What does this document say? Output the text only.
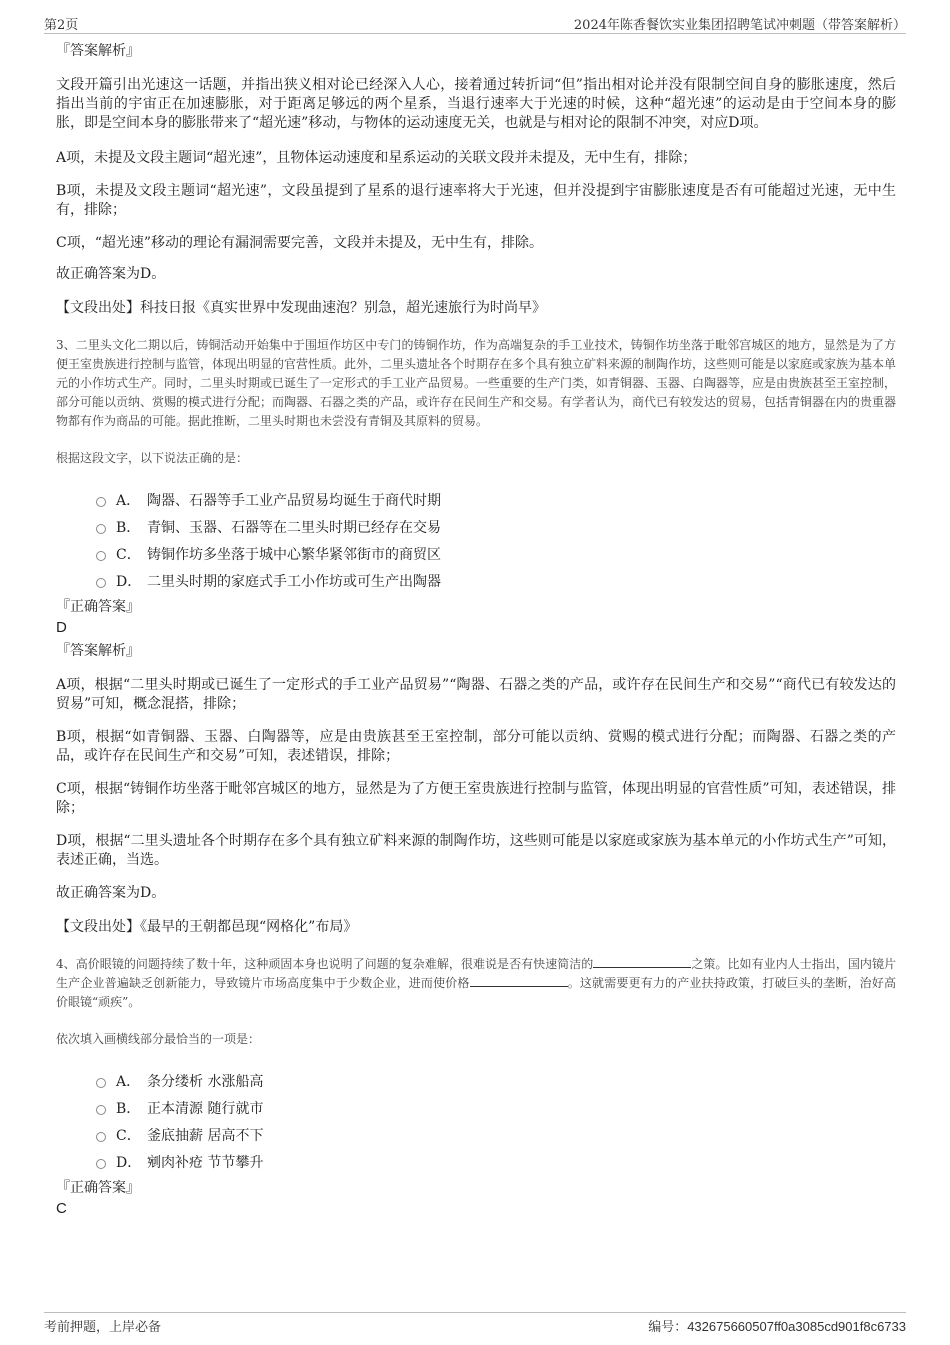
第2页	2024年陈香餐饮实业集团招聘笔试冲刺题（带答案解析）
『答案解析』
文段开篇引出光速这一话题，并指出狭义相对论已经深入人心，接着通过转折词“但”指出相对论并没有限制空间自身的膨胀速度，然后指出当前的宇宙正在加速膨胀，对于距离足够远的两个星系，当退行速率大于光速的时候，这种“超光速”的运动是由于空间本身的膨胀，即是空间本身的膨胀带来了“超光速”移动，与物体的运动速度无关，也就是与相对论的限制不冲突，对应D项。
A项，未提及文段主题词“超光速”，且物体运动速度和星系运动的关联文段并未提及，无中生有，排除；
B项，未提及文段主题词“超光速”，文段虽提到了星系的退行速率将大于光速，但并没提到宇宙膨胀速度是否有可能超过光速，无中生有，排除；
C项，“超光速”移动的理论有漏洞需要完善，文段并未提及，无中生有，排除。
故正确答案为D。
【文段出处】科技日报《真实世界中发现曲速泡？别急，超光速旅行为时尚早》
3、二里头文化二期以后，铸铜活动开始集中于围垣作坊区中专门的铸铜作坊，作为高端复杂的手工业技术，铸铜作坊坐落于毗邻宫城区的地方，显然是为了方便王室贵族进行控制与监管，体现出明显的官营性质。此外，二里头遗址各个时期存在多个具有独立矿料来源的制陶作坊，这些则可能是以家庭或家族为基本单元的小作坊式生产。同时，二里头时期或已诞生了一定形式的手工业产品贸易。一些重要的生产门类，如青铜器、玉器、白陶器等，应是由贵族甚至王室控制，部分可能以贡纳、赏赐的模式进行分配；而陶器、石器之类的产品，或许存在民间生产和交易。有学者认为，商代已有较发达的贸易，包括青铜器在内的贵重器物都有作为商品的可能。据此推断，二里头时期也未尝没有青铜及其原料的贸易。
根据这段文字，以下说法正确的是：
A． 陶器、石器等手工业产品贸易均诞生于商代时期
B． 青铜、玉器、石器等在二里头时期已经存在交易
C． 铸铜作坊多坐落于城中心繁华紧邻街市的商贸区
D． 二里头时期的家庭式手工小作坊或可生产出陶器
『正确答案』
D
『答案解析』
A项，根据“二里头时期或已诞生了一定形式的手工业产品贸易”“陶器、石器之类的产品，或许存在民间生产和交易”“商代已有较发达的贸易”可知，概念混搭，排除；
B项，根据“如青铜器、玉器、白陶器等，应是由贵族甚至王室控制，部分可能以贡纳、赏赐的模式进行分配；而陶器、石器之类的产品，或许存在民间生产和交易”可知，表述错误，排除；
C项，根据“铸铜作坊坐落于毗邻宫城区的地方，显然是为了方便王室贵族进行控制与监管，体现出明显的官营性质”可知，表述错误，排除；
D项，根据“二里头遗址各个时期存在多个具有独立矿料来源的制陶作坊，这些则可能是以家庭或家族为基本单元的小作坊式生产”可知，表述正确，当选。
故正确答案为D。
【文段出处】《最早的王朝都邑现“网格化”布局》
4、高价眼镜的问题持续了数十年，这种顽固本身也说明了问题的复杂难解，很难说是否有快速简洁的	之策。比如有业内人士指出，国内镜片生产企业普遍缺乏创新能力，导致镜片市场高度集中于少数企业，进而使价格	。这就需要更有力的产业扶持政策，打破巨头的垄断，治好高价眼镜“顽疾”。
依次填入画横线部分最恰当的一项是：
A． 条分缕析 水涨船高
B． 正本清源 随行就市
C． 釜底抽薪 居高不下
D． 剜肉补疮 节节攀升
『正确答案』
C
考前押题，上岸必备	编号：432675660507ff0a3085cd901f8c6733
